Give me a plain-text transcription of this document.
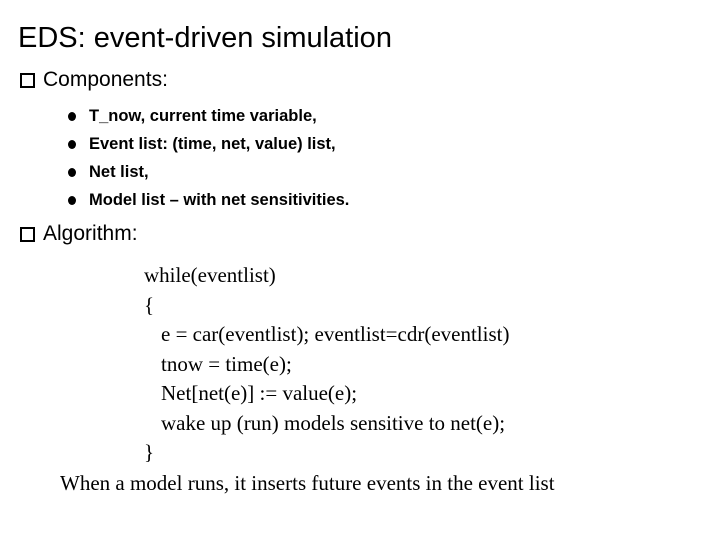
EDS: event-driven simulation
Components:
T_now, current time variable,
Event list: (time, net, value) list,
Net list,
Model list – with net sensitivities.
Algorithm:
while(eventlist)
{
e = car(eventlist); eventlist=cdr(eventlist)
tnow = time(e);
Net[net(e)] := value(e);
wake up (run) models sensitive to net(e);
}
When a model runs, it inserts future events in the event list
